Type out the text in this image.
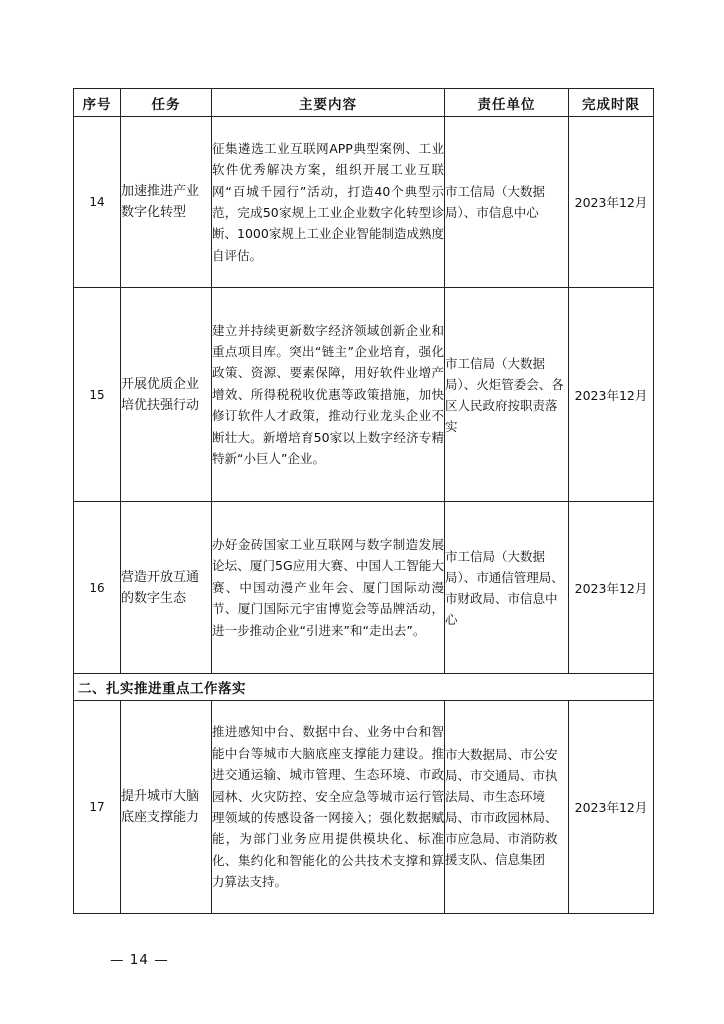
序号	任务	主要内容	责任单位	完成时限
14	加速推进产业数字化转型	征集遴选工业互联网APP典型案例、工业软件优秀解决方案，组织开展工业互联网“百城千园行”活动，打造40个典型示范，完成50家规上工业企业数字化转型诊断、1000家规上工业企业智能制造成熟度自评估。	市工信局（大数据局）、市信息中心	2023年12月
15	开展优质企业培优扶强行动	建立并持续更新数字经济领域创新企业和重点项目库。突出“链主”企业培育，强化政策、资源、要素保障，用好软件业增产增效、所得税税收优惠等政策措施，加快修订软件人才政策，推动行业龙头企业不断壮大。新增培育50家以上数字经济专精特新“小巨人”企业。	市工信局（大数据局）、火炬管委会、各区人民政府按职责落实	2023年12月
16	营造开放互通的数字生态	办好金砖国家工业互联网与数字制造发展论坛、厦门5G应用大赛、中国人工智能大赛、中国动漫产业年会、厦门国际动漫节、厦门国际元宇宙博览会等品牌活动，进一步推动企业“引进来”和“走出去”。	市工信局（大数据局）、市通信管理局、市财政局、市信息中心	2023年12月
二、扎实推进重点工作落实				
17	提升城市大脑底座支撑能力	推进感知中台、数据中台、业务中台和智能中台等城市大脑底座支撑能力建设。推进交通运输、城市管理、生态环境、市政园林、火灾防控、安全应急等城市运行管理领域的传感设备一网接入；强化数据赋能，为部门业务应用提供模块化、标准化、集约化和智能化的公共技术支撑和算力算法支持。	市大数据局、市公安局、市交通局、市执法局、市生态环境局、市市政园林局、市应急局、市消防救援支队、信息集团	2023年12月
— 14 —
